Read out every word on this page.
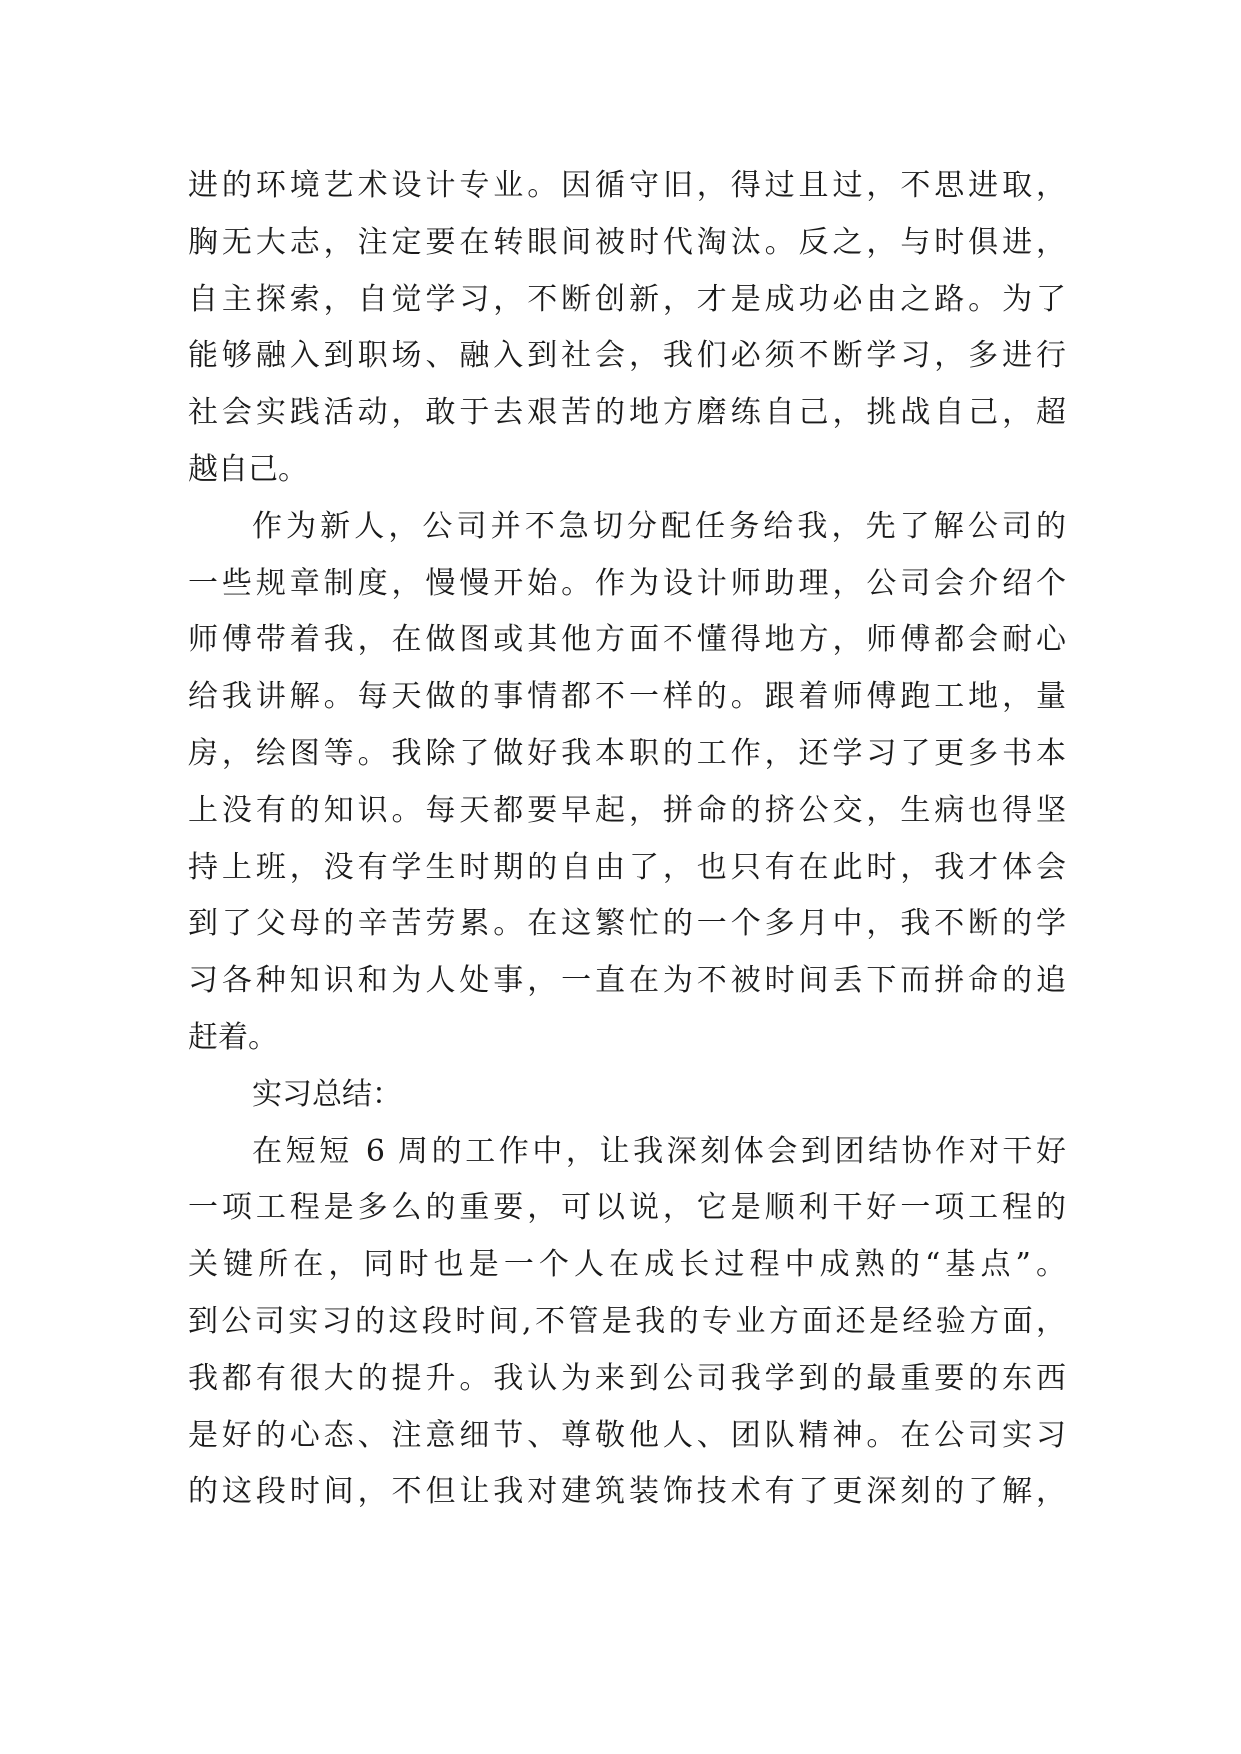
进的环境艺术设计专业。因循守旧，得过且过，不思进取，
胸无大志，注定要在转眼间被时代淘汰。反之，与时俱进，
自主探索，自觉学习，不断创新，才是成功必由之路。为了
能够融入到职场、融入到社会，我们必须不断学习，多进行
社会实践活动，敢于去艰苦的地方磨练自己，挑战自己，超
越自己。
作为新人，公司并不急切分配任务给我，先了解公司的
一些规章制度，慢慢开始。作为设计师助理，公司会介绍个
师傅带着我，在做图或其他方面不懂得地方，师傅都会耐心
给我讲解。每天做的事情都不一样的。跟着师傅跑工地，量
房，绘图等。我除了做好我本职的工作，还学习了更多书本
上没有的知识。每天都要早起，拼命的挤公交，生病也得坚
持上班，没有学生时期的自由了，也只有在此时，我才体会
到了父母的辛苦劳累。在这繁忙的一个多月中，我不断的学
习各种知识和为人处事，一直在为不被时间丢下而拼命的追
赶着。
实习总结：
在短短 6 周的工作中，让我深刻体会到团结协作对干好
一项工程是多么的重要，可以说，它是顺利干好一项工程的
关键所在，同时也是一个人在成长过程中成熟的“基点”。
到公司实习的这段时间,不管是我的专业方面还是经验方面，
我都有很大的提升。我认为来到公司我学到的最重要的东西
是好的心态、注意细节、尊敬他人、团队精神。在公司实习
的这段时间，不但让我对建筑装饰技术有了更深刻的了解，
